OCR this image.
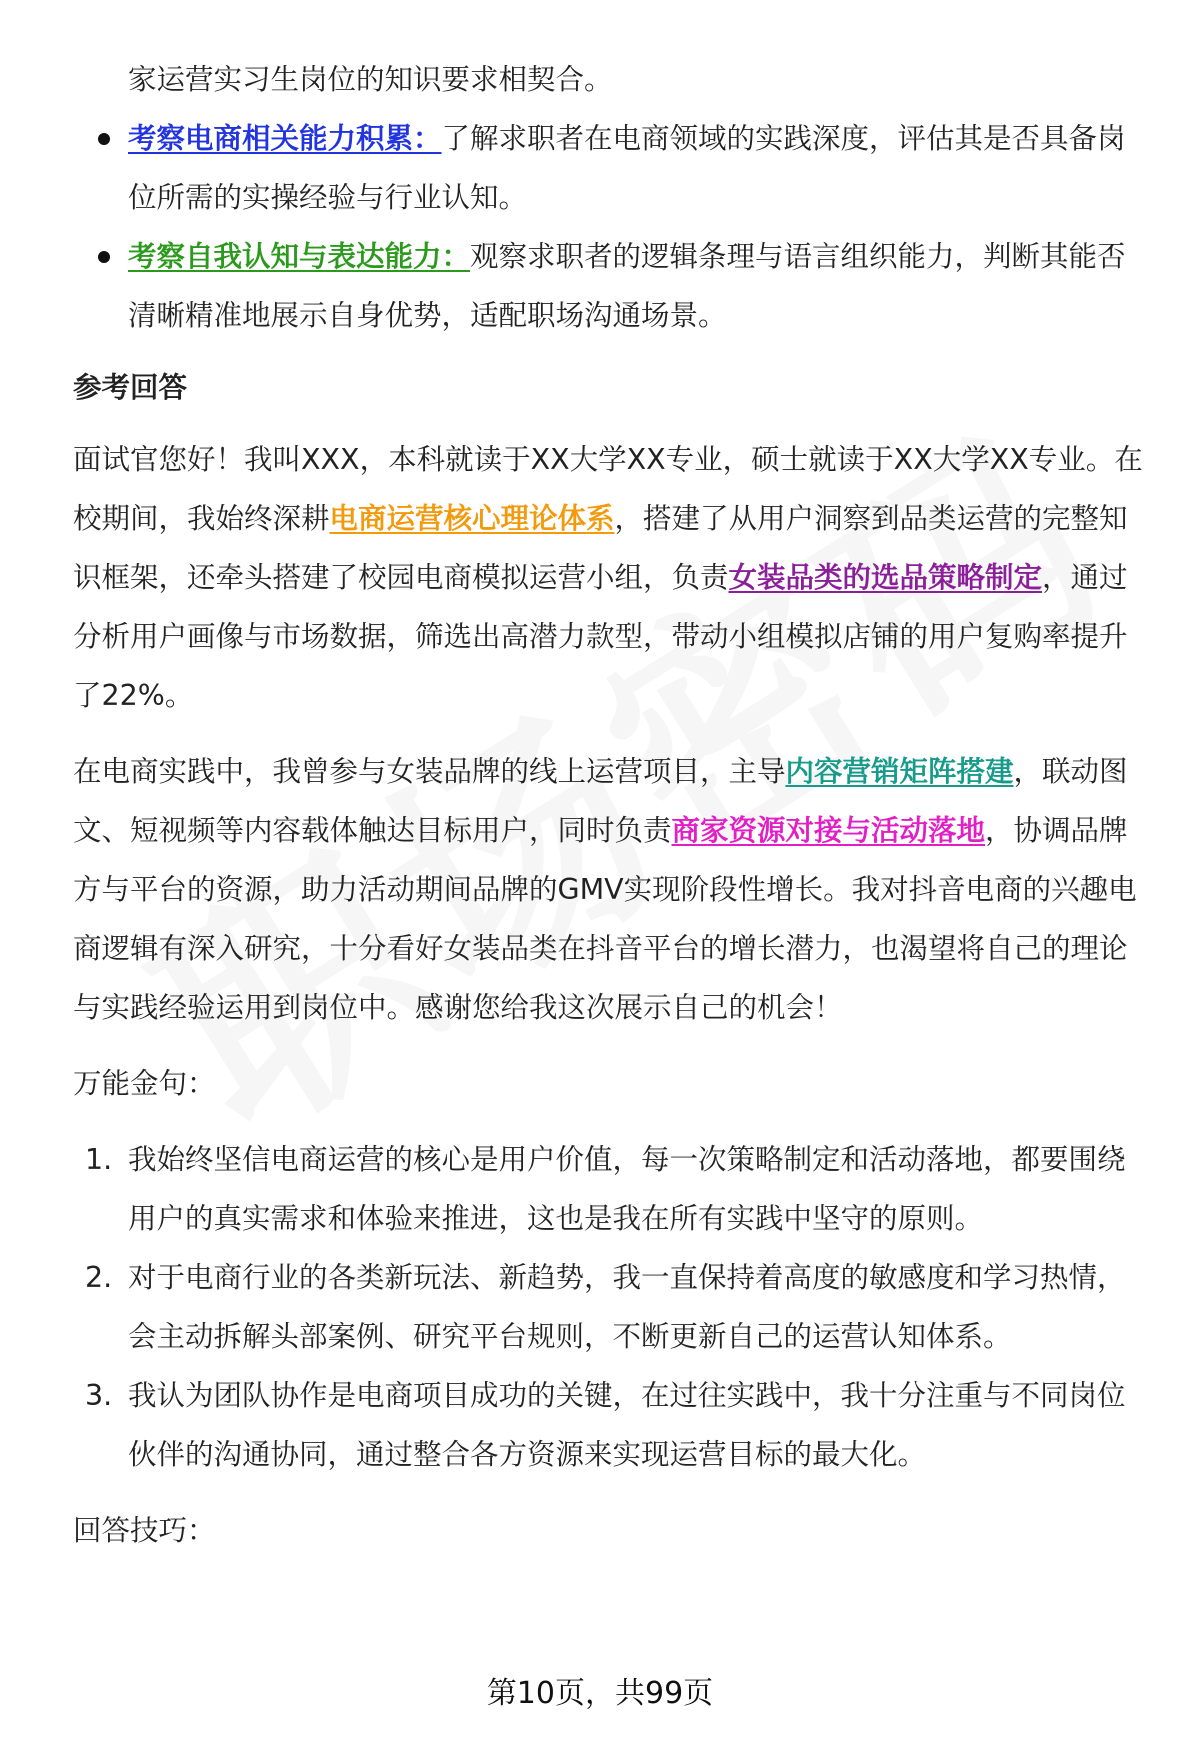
家运营实习生岗位的知识要求相契合。

考察电商相关能力积累：了解求职者在电商领域的实践深度，评估其是否具备岗位所需的实操经验与行业认知。
考察自我认知与表达能力：观察求职者的逻辑条理与语言组织能力，判断其能否清晰精准地展示自身优势，适配职场沟通场景。

参考回答

面试官您好！我叫XXX，本科就读于XX大学XX专业，硕士就读于XX大学XX专业。在校期间，我始终深耕电商运营核心理论体系，搭建了从用户洞察到品类运营的完整知识框架，还牵头搭建了校园电商模拟运营小组，负责女装品类的选品策略制定，通过分析用户画像与市场数据，筛选出高潜力款型，带动小组模拟店铺的用户复购率提升了22%。

在电商实践中，我曾参与女装品牌的线上运营项目，主导内容营销矩阵搭建，联动图文、短视频等内容载体触达目标用户，同时负责商家资源对接与活动落地，协调品牌方与平台的资源，助力活动期间品牌的GMV实现阶段性增长。我对抖音电商的兴趣电商逻辑有深入研究，十分看好女装品类在抖音平台的增长潜力，也渴望将自己的理论与实践经验运用到岗位中。感谢您给我这次展示自己的机会！

万能金句：

1. 我始终坚信电商运营的核心是用户价值，每一次策略制定和活动落地，都要围绕用户的真实需求和体验来推进，这也是我在所有实践中坚守的原则。
2. 对于电商行业的各类新玩法、新趋势，我一直保持着高度的敏感度和学习热情，会主动拆解头部案例、研究平台规则，不断更新自己的运营认知体系。
3. 我认为团队协作是电商项目成功的关键，在过往实践中，我十分注重与不同岗位伙伴的沟通协同，通过整合各方资源来实现运营目标的最大化。

回答技巧：

第10页，共99页
